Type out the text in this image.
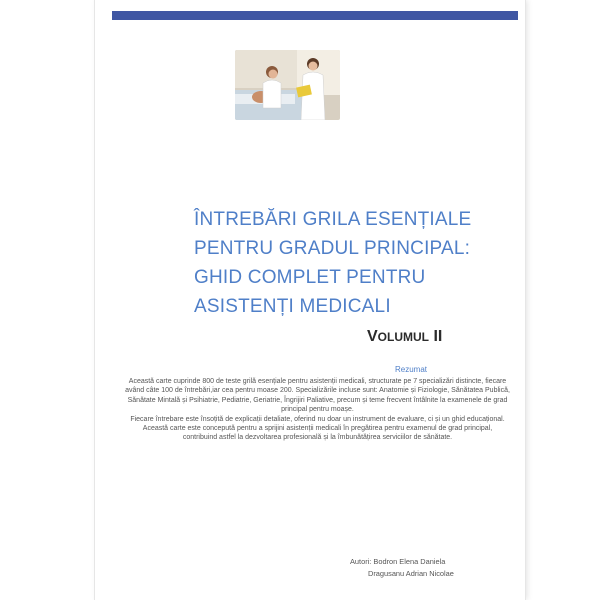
ÎNTREBĂRI GRILA ESENȚIALE
PENTRU GRADUL PRINCIPAL:
GHID COMPLET PENTRU
ASISTENȚI MEDICALI
VOLUMUL II
Rezumat

Această carte cuprinde 800 de teste grilă esențiale pentru asistenții medicali, structurate pe 7 specializări distincte, fiecare având câte 100 de întrebări,iar cea pentru moase 200. Specializările incluse sunt: Anatomie și Fiziologie, Sănătatea Publică, Sănătate Mintală și Psihiatrie, Pediatrie, Geriatrie, Îngrijiri Paliative, precum și teme frecvent întâlnite la examenele de grad principal pentru moașe.

Fiecare întrebare este însoțită de explicații detaliate, oferind nu doar un instrument de evaluare, ci și un ghid educațional. Această carte este concepută pentru a sprijini asistenții medicali în pregătirea pentru examenul de grad principal, contribuind astfel la dezvoltarea profesională și la îmbunătățirea serviciilor de sănătate.

Autori: Bodron Elena Daniela
Dragusanu Adrian Nicolae
